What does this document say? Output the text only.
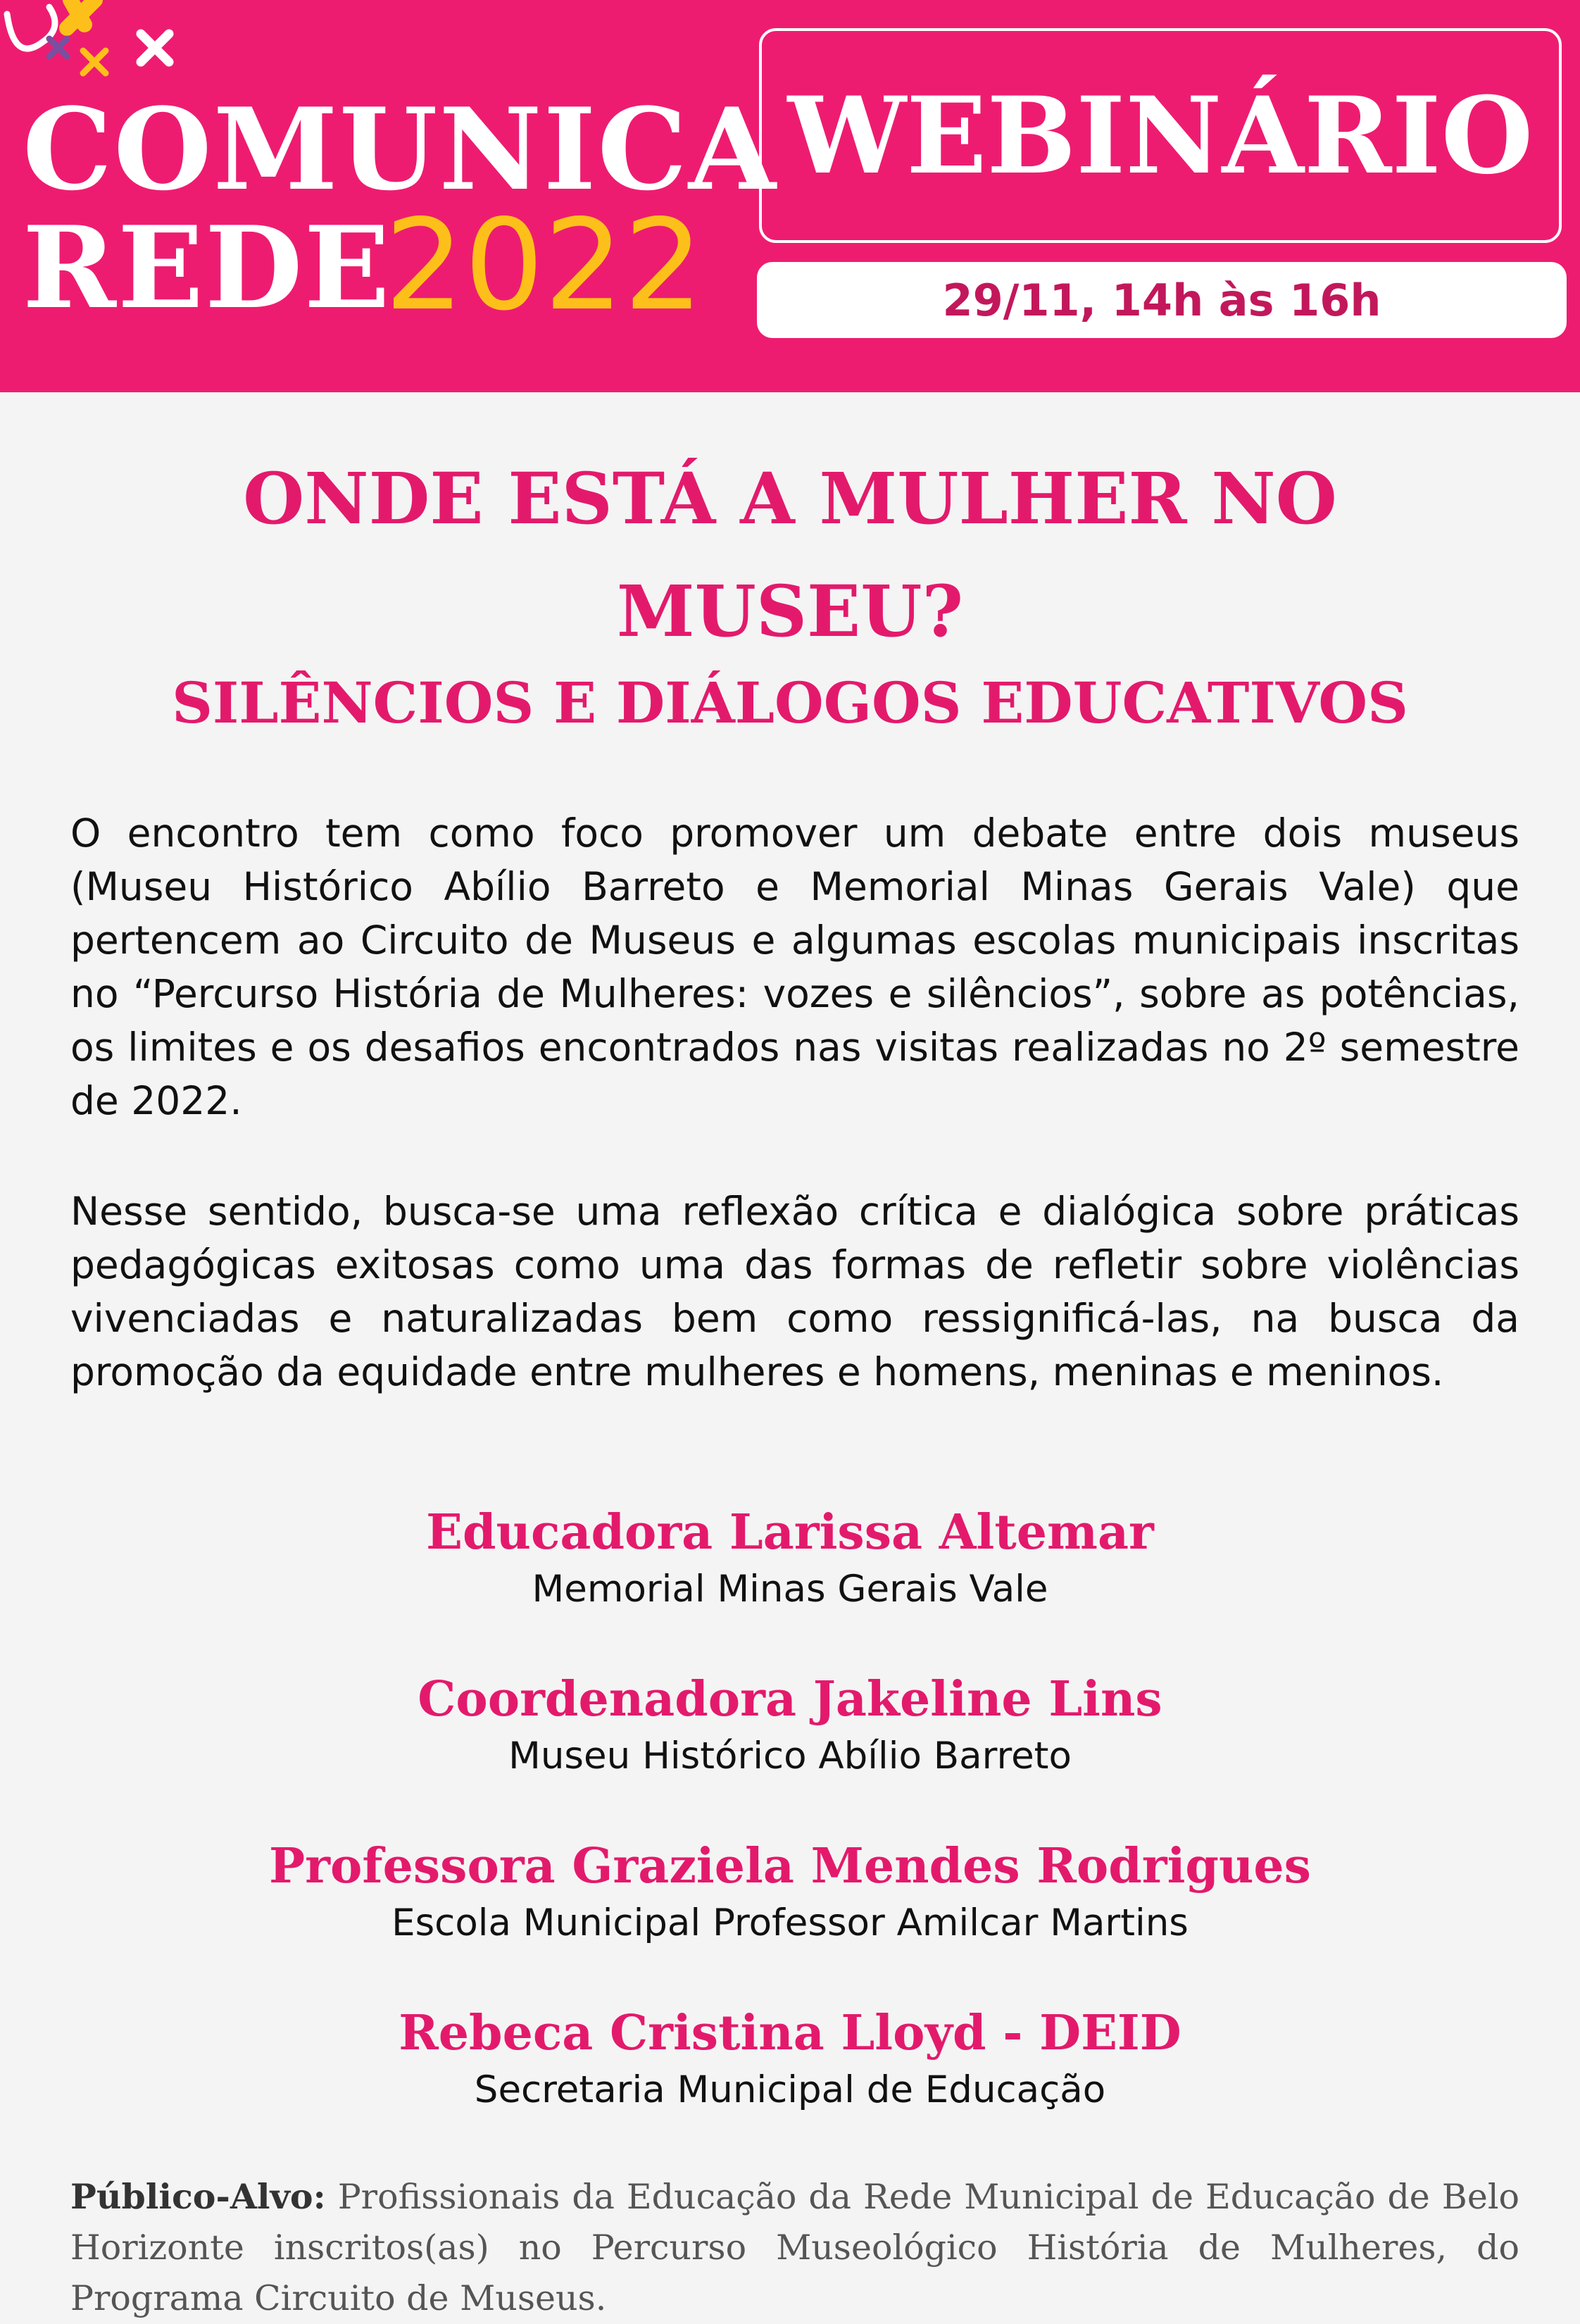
COMUNICA
REDE
2022
WEBINÁRIO
29/11, 14h às 16h
ONDE ESTÁ A MULHER NO
MUSEU?
SILÊNCIOS E DIÁLOGOS EDUCATIVOS

O encontro tem como foco promover um debate entre dois museus (Museu Histórico Abílio Barreto e Memorial Minas Gerais Vale) que pertencem ao Circuito de Museus e algumas escolas municipais inscritas no “Percurso História de Mulheres: vozes e silêncios”, sobre as potências, os limites e os desafios encontrados nas visitas realizadas no 2º semestre de 2022.

Nesse sentido, busca-se uma reflexão crítica e dialógica sobre práticas pedagógicas exitosas como uma das formas de refletir sobre violências vivenciadas e naturalizadas bem como ressignificá-las, na busca da promoção da equidade entre mulheres e homens, meninas e meninos.

Educadora Larissa Altemar
Memorial Minas Gerais Vale
Coordenadora Jakeline Lins
Museu Histórico Abílio Barreto
Professora Graziela Mendes Rodrigues
Escola Municipal Professor Amilcar Martins
Rebeca Cristina Lloyd - DEID
Secretaria Municipal de Educação

Público-Alvo: Profissionais da Educação da Rede Municipal de Educação de Belo Horizonte inscritos(as) no Percurso Museológico História de Mulheres, do Programa Circuito de Museus.
